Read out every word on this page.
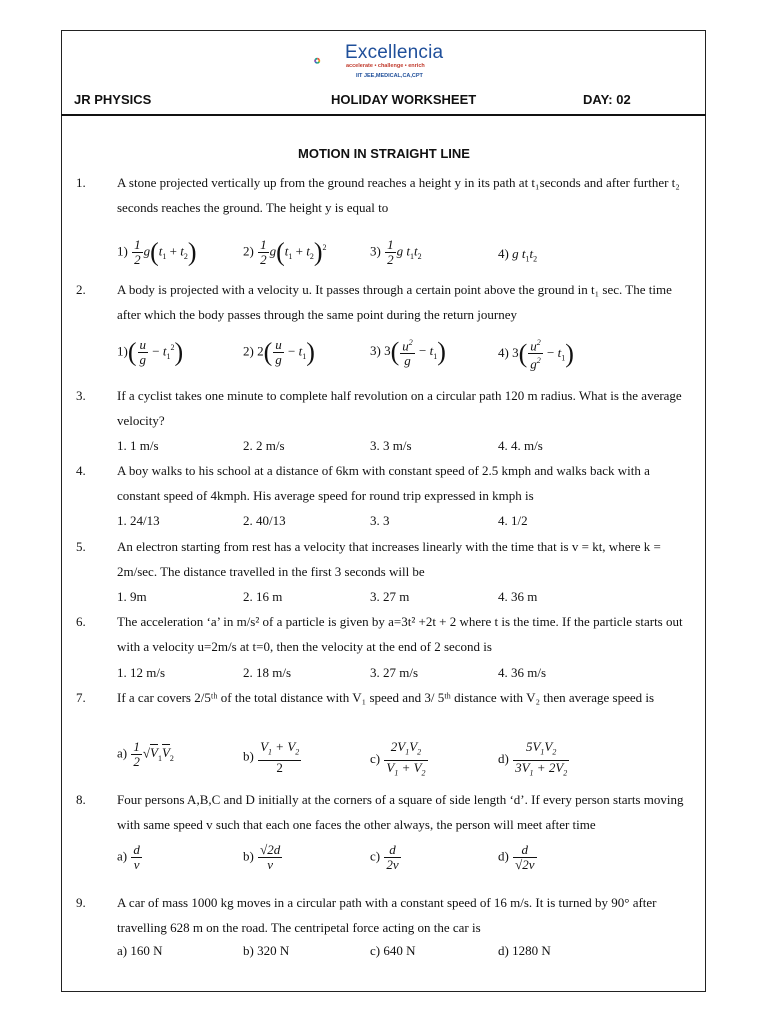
Excellencia
accelerate • challenge • enrich
IIT JEE,MEDICAL,CA,CPT
JR PHYSICS	HOLIDAY WORKSHEET	DAY: 02
MOTION IN STRAIGHT LINE
1. A stone projected vertically up from the ground reaches a height y in its path at t₁seconds and after further t₂ seconds reaches the ground. The height y is equal to
$1) \frac{1}{2} g(t_1 + t_2)$	$2) \frac{1}{2} g(t_1 + t_2)^2$	$3) \frac{1}{2}$ g $t_1t_2$	4) g $t_1t_2$
2. A body is projected with a velocity u. It passes through a certain point above the ground in t₁ sec. The time after which the body passes through the same point during the return journey
$1)( \frac{u}{g} - t_1^2)$	2) $2( \frac{u}{g} - t_1)$	3) $3( \frac{u^2}{g} - t_1)$	4) $3( \frac{u^2}{g^2} - t_1)$
3. If a cyclist takes one minute to complete half revolution on a circular path 120 m radius. What is the average velocity?
1. 1 m/s	2. 2 m/s	3. 3 m/s	4. 4. m/s
4. A boy walks to his school at a distance of 6km with constant speed of 2.5 kmph and walks back with a constant speed of 4kmph. His average speed for round trip expressed in kmph is
1. 24/13	2. 40/13	3. 3	4. 1/2
5. An electron starting from rest has a velocity that increases linearly with the time that is v = kt, where k = 2m/sec. The distance travelled in the first 3 seconds will be
1. 9m	2. 16 m	3. 27 m	4. 36 m
6. The acceleration ‘a’ in m/s² of a particle is given by a=3t² +2t + 2 where t is the time. If the particle starts out with a velocity u=2m/s at t=0, then the velocity at the end of 2 second is
1. 12 m/s	2. 18 m/s	3. 27 m/s	4. 36 m/s
7. If a car covers 2/5ᵗʰ of the total distance with V₁ speed and 3/ 5ᵗʰ distance with V₂ then average speed is
$a) \frac{1}{2} √V_1V_2$	$b) \frac{V_1 + V_2}{2}$	$c) \frac{2V_1V_2}{V_1 + V_2}$	$d) \frac{5V_1V_2}{3V_1 + 2V_2}$
8. Four persons A,B,C and D initially at the corners of a square of side length ‘d’. If every person starts moving with same speed v such that each one faces the other always, the person will meet after time
$a) \frac{d}{v}$	$b) \frac{√2d}{v}$	$c) \frac{d}{2v}$	$d) \frac{d}{√2v}$
9. A car of mass 1000 kg moves in a circular path with a constant speed of 16 m/s. It is turned by 90° after travelling 628 m on the road. The centripetal force acting on the car is
a) 160 N	b) 320 N	c) 640 N	d) 1280 N
